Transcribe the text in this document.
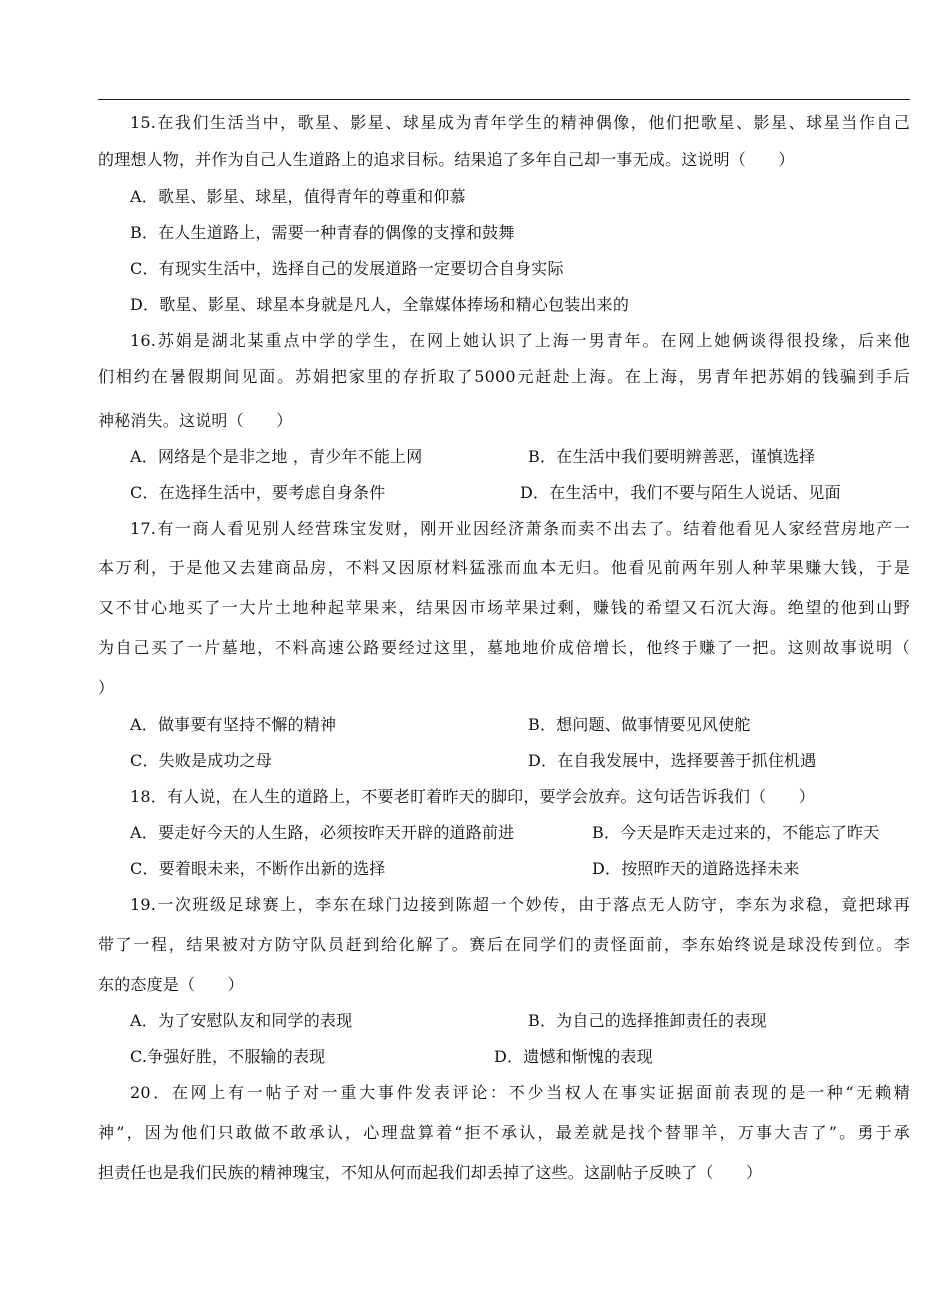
15.在我们生活当中，歌星、影星、球星成为青年学生的精神偶像，他们把歌星、影星、球星当作自己
的理想人物，并作为自己人生道路上的追求目标。结果追了多年自己却一事无成。这说明（　　）
A．歌星、影星、球星，值得青年的尊重和仰慕
B．在人生道路上，需要一种青春的偶像的支撑和鼓舞
C．有现实生活中，选择自己的发展道路一定要切合自身实际
D．歌星、影星、球星本身就是凡人，全靠媒体捧场和精心包装出来的
16.苏娟是湖北某重点中学的学生，在网上她认识了上海一男青年。在网上她俩谈得很投缘，后来他
们相约在暑假期间见面。苏娟把家里的存折取了5000元赶赴上海。在上海，男青年把苏娟的钱骗到手后
神秘消失。这说明（　　）
A．网络是个是非之地 ，青少年不能上网	B．在生活中我们要明辨善恶，谨慎选择
C．在选择生活中，要考虑自身条件	D．在生活中，我们不要与陌生人说话、见面
17.有一商人看见别人经营珠宝发财，刚开业因经济萧条而卖不出去了。结着他看见人家经营房地产一
本万利，于是他又去建商品房，不料又因原材料猛涨而血本无归。他看见前两年别人种苹果赚大钱，于是
又不甘心地买了一大片土地种起苹果来，结果因市场苹果过剩，赚钱的希望又石沉大海。绝望的他到山野
为自己买了一片墓地，不料高速公路要经过这里，墓地地价成倍增长，他终于赚了一把。这则故事说明（
）
A．做事要有坚持不懈的精神	B．想问题、做事情要见风使舵
C．失败是成功之母	D．在自我发展中，选择要善于抓住机遇
18．有人说，在人生的道路上，不要老盯着昨天的脚印，要学会放弃。这句话告诉我们（　　）
A．要走好今天的人生路，必须按昨天开辟的道路前进	B．今天是昨天走过来的，不能忘了昨天
C．要着眼未来，不断作出新的选择	D．按照昨天的道路选择未来
19.一次班级足球赛上，李东在球门边接到陈超一个妙传，由于落点无人防守，李东为求稳，竟把球再
带了一程，结果被对方防守队员赶到给化解了。赛后在同学们的责怪面前，李东始终说是球没传到位。李
东的态度是（　　）
A．为了安慰队友和同学的表现	B．为自己的选择推卸责任的表现
C.争强好胜，不服输的表现	D．遗憾和惭愧的表现
20．在网上有一帖子对一重大事件发表评论：不少当权人在事实证据面前表现的是一种“无赖精
神”，因为他们只敢做不敢承认，心理盘算着“拒不承认，最差就是找个替罪羊，万事大吉了”。勇于承
担责任也是我们民族的精神瑰宝，不知从何而起我们却丢掉了这些。这副帖子反映了（　　）
